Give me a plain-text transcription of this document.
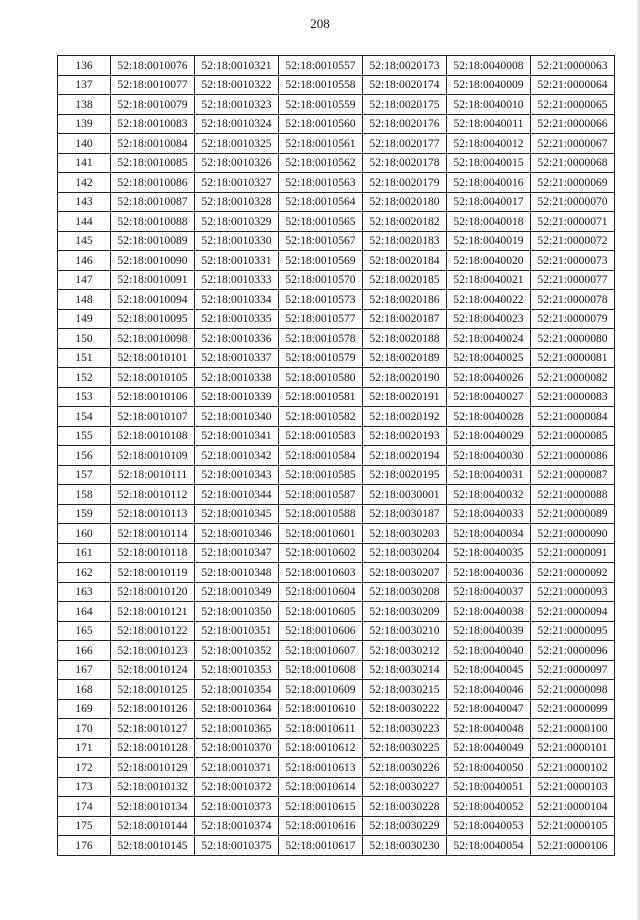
208
136	52:18:0010076	52:18:0010321	52:18:0010557	52:18:0020173	52:18:0040008	52:21:0000063
137	52:18:0010077	52:18:0010322	52:18:0010558	52:18:0020174	52:18:0040009	52:21:0000064
138	52:18:0010079	52:18:0010323	52:18:0010559	52:18:0020175	52:18:0040010	52:21:0000065
139	52:18:0010083	52:18:0010324	52:18:0010560	52:18:0020176	52:18:0040011	52:21:0000066
140	52:18:0010084	52:18:0010325	52:18:0010561	52:18:0020177	52:18:0040012	52:21:0000067
141	52:18:0010085	52:18:0010326	52:18:0010562	52:18:0020178	52:18:0040015	52:21:0000068
142	52:18:0010086	52:18:0010327	52:18:0010563	52:18:0020179	52:18:0040016	52:21:0000069
143	52:18:0010087	52:18:0010328	52:18:0010564	52:18:0020180	52:18:0040017	52:21:0000070
144	52:18:0010088	52:18:0010329	52:18:0010565	52:18:0020182	52:18:0040018	52:21:0000071
145	52:18:0010089	52:18:0010330	52:18:0010567	52:18:0020183	52:18:0040019	52:21:0000072
146	52:18:0010090	52:18:0010331	52:18:0010569	52:18:0020184	52:18:0040020	52:21:0000073
147	52:18:0010091	52:18:0010333	52:18:0010570	52:18:0020185	52:18:0040021	52:21:0000077
148	52:18:0010094	52:18:0010334	52:18:0010573	52:18:0020186	52:18:0040022	52:21:0000078
149	52:18:0010095	52:18:0010335	52:18:0010577	52:18:0020187	52:18:0040023	52:21:0000079
150	52:18:0010098	52:18:0010336	52:18:0010578	52:18:0020188	52:18:0040024	52:21:0000080
151	52:18:0010101	52:18:0010337	52:18:0010579	52:18:0020189	52:18:0040025	52:21:0000081
152	52:18:0010105	52:18:0010338	52:18:0010580	52:18:0020190	52:18:0040026	52:21:0000082
153	52:18:0010106	52:18:0010339	52:18:0010581	52:18:0020191	52:18:0040027	52:21:0000083
154	52:18:0010107	52:18:0010340	52:18:0010582	52:18:0020192	52:18:0040028	52:21:0000084
155	52:18:0010108	52:18:0010341	52:18:0010583	52:18:0020193	52:18:0040029	52:21:0000085
156	52:18:0010109	52:18:0010342	52:18:0010584	52:18:0020194	52:18:0040030	52:21:0000086
157	52:18:0010111	52:18:0010343	52:18:0010585	52:18:0020195	52:18:0040031	52:21:0000087
158	52:18:0010112	52:18:0010344	52:18:0010587	52:18:0030001	52:18:0040032	52:21:0000088
159	52:18:0010113	52:18:0010345	52:18:0010588	52:18:0030187	52:18:0040033	52:21:0000089
160	52:18:0010114	52:18:0010346	52:18:0010601	52:18:0030203	52:18:0040034	52:21:0000090
161	52:18:0010118	52:18:0010347	52:18:0010602	52:18:0030204	52:18:0040035	52:21:0000091
162	52:18:0010119	52:18:0010348	52:18:0010603	52:18:0030207	52:18:0040036	52:21:0000092
163	52:18:0010120	52:18:0010349	52:18:0010604	52:18:0030208	52:18:0040037	52:21:0000093
164	52:18:0010121	52:18:0010350	52:18:0010605	52:18:0030209	52:18:0040038	52:21:0000094
165	52:18:0010122	52:18:0010351	52:18:0010606	52:18:0030210	52:18:0040039	52:21:0000095
166	52:18:0010123	52:18:0010352	52:18:0010607	52:18:0030212	52:18:0040040	52:21:0000096
167	52:18:0010124	52:18:0010353	52:18:0010608	52:18:0030214	52:18:0040045	52:21:0000097
168	52:18:0010125	52:18:0010354	52:18:0010609	52:18:0030215	52:18:0040046	52:21:0000098
169	52:18:0010126	52:18:0010364	52:18:0010610	52:18:0030222	52:18:0040047	52:21:0000099
170	52:18:0010127	52:18:0010365	52:18:0010611	52:18:0030223	52:18:0040048	52:21:0000100
171	52:18:0010128	52:18:0010370	52:18:0010612	52:18:0030225	52:18:0040049	52:21:0000101
172	52:18:0010129	52:18:0010371	52:18:0010613	52:18:0030226	52:18:0040050	52:21:0000102
173	52:18:0010132	52:18:0010372	52:18:0010614	52:18:0030227	52:18:0040051	52:21:0000103
174	52:18:0010134	52:18:0010373	52:18:0010615	52:18:0030228	52:18:0040052	52:21:0000104
175	52:18:0010144	52:18:0010374	52:18:0010616	52:18:0030229	52:18:0040053	52:21:0000105
176	52:18:0010145	52:18:0010375	52:18:0010617	52:18:0030230	52:18:0040054	52:21:0000106
